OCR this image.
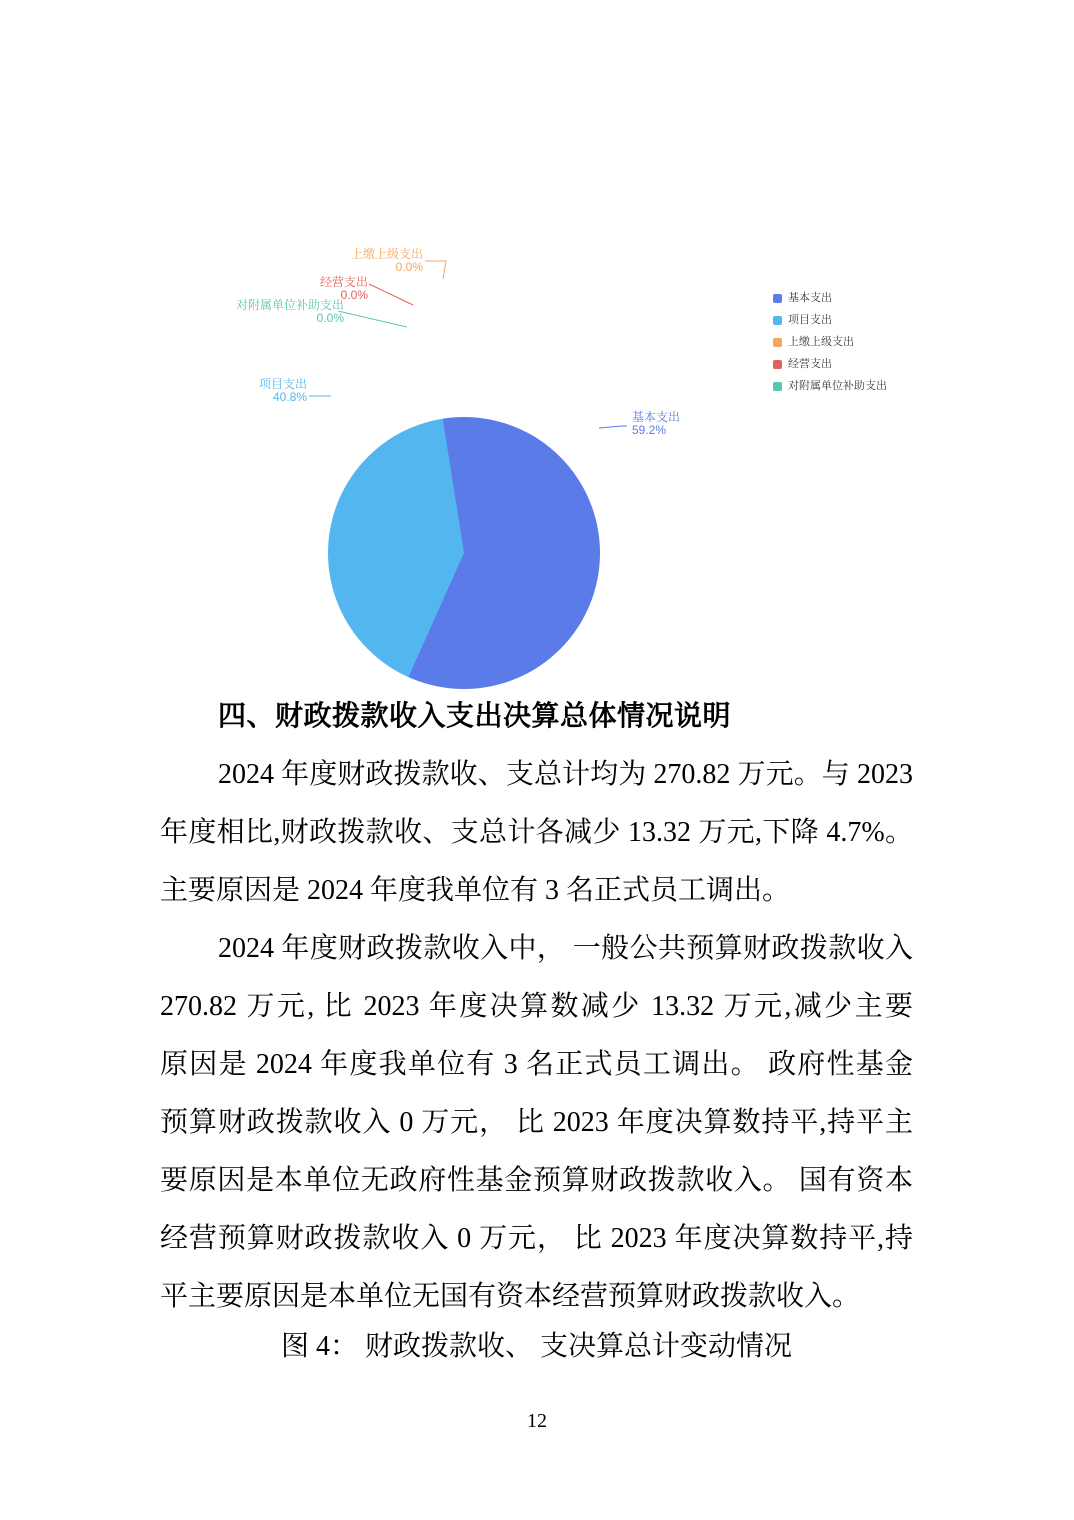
基本支出
项目支出
上缴上级支出
经营支出
对附属单位补助支出
上缴上级支出
0.0%
经营支出
0.0%
对附属单位补助支出
0.0%
项目支出
40.8%
基本支出
59.2%
四、财政拨款收入支出决算总体情况说明
2024 年度财政拨款收、支总计均为 270.82 万元。与 2023
年度相比,财政拨款收、支总计各减少 13.32 万元,下降 4.7%。
主要原因是 2024 年度我单位有 3 名正式员工调出。
2024 年度财政拨款收入中， 一般公共预算财政拨款收入
270.82 万元, 比 2023 年度决算数减少 13.32 万元,减少主要
原因是 2024 年度我单位有 3 名正式员工调出。 政府性基金
预算财政拨款收入 0 万元， 比 2023 年度决算数持平,持平主
要原因是本单位无政府性基金预算财政拨款收入。 国有资本
经营预算财政拨款收入 0 万元， 比 2023 年度决算数持平,持
平主要原因是本单位无国有资本经营预算财政拨款收入。
图 4： 财政拨款收、 支决算总计变动情况
12
